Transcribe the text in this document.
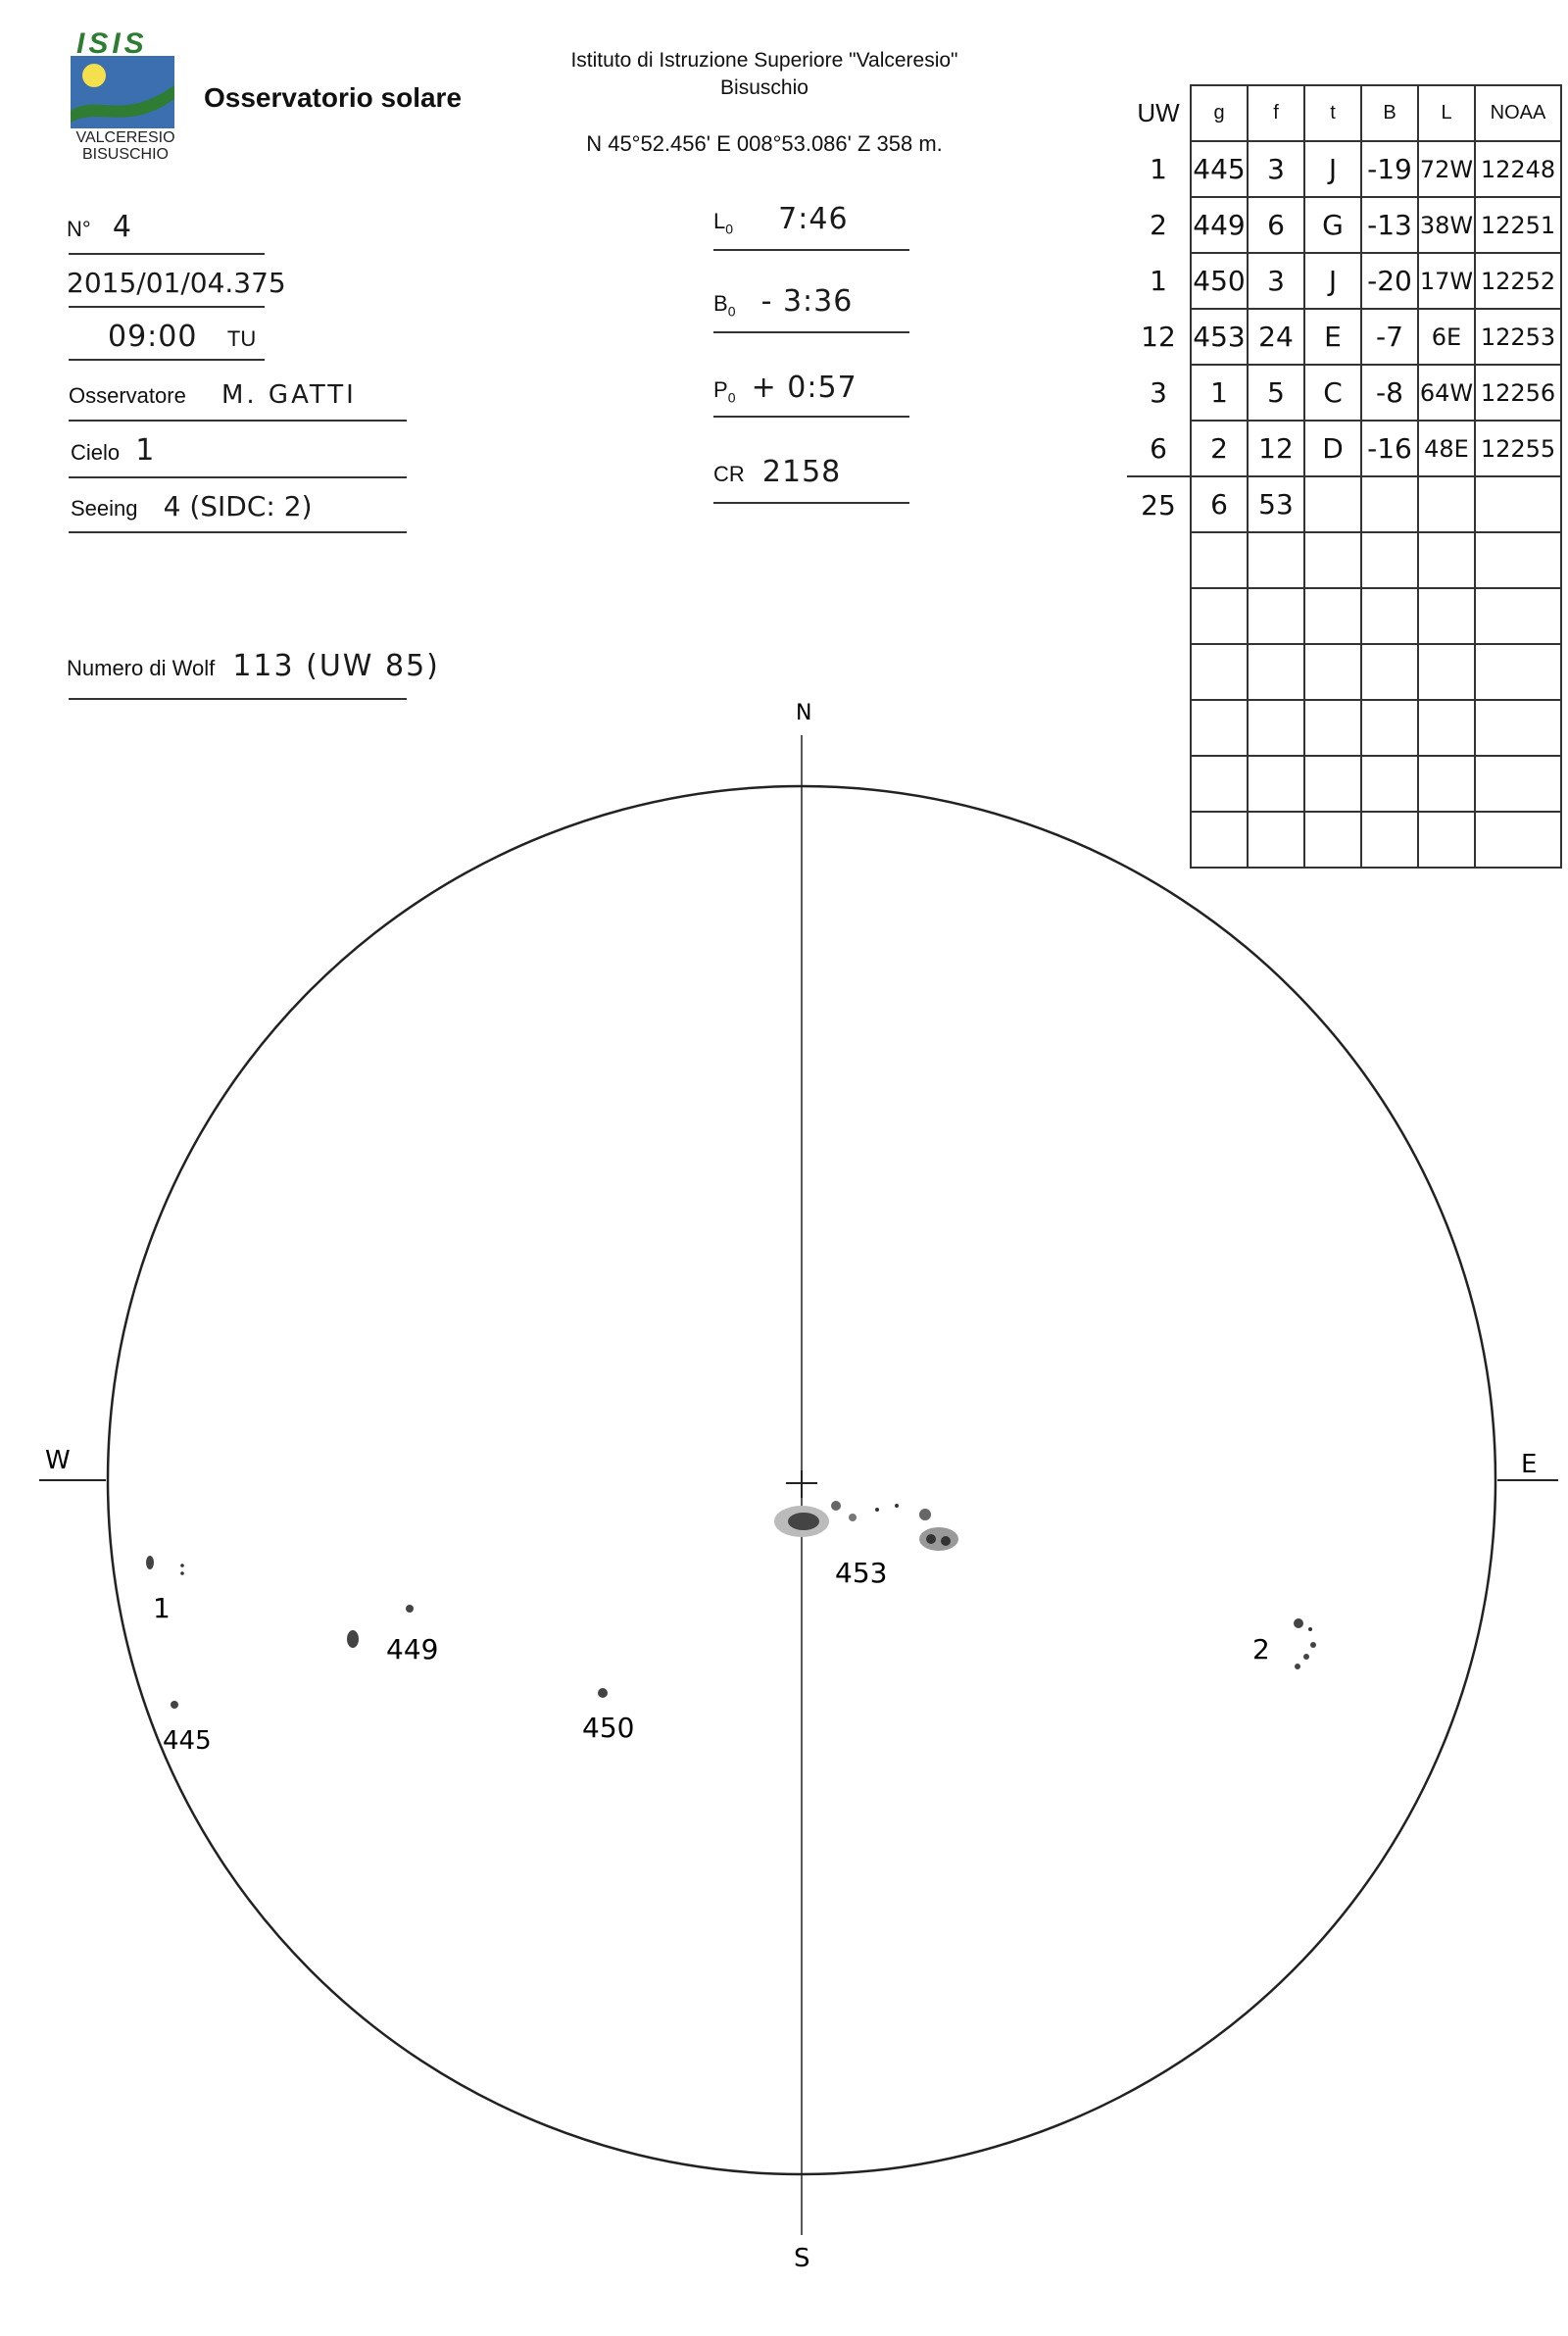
ISIS
VALCERESIO
BISUSCHIO
Osservatorio solare
Istituto di Istruzione Superiore "Valceresio"
Bisuschio
N 45°52.456' E 008°53.086' Z 358 m.
N° 4
2015/01/04.375
09:00 TU
Osservatore M. GATTI
Cielo 1
Seeing 4 (SIDC: 2)
Numero di Wolf 113 (UW 85)
$L_0$ 7:46
$B_0$ - 3:36
$P_0$ + 0:57
CR 2158
UW	g	f	t	B	L	NOAA
1	445	3	J	-19	72W	12248
2	449	6	G	-13	38W	12251
1	450	3	J	-20	17W	12252
12	453	24	E	-7	6E	12253
3	1	5	C	-8	64W	12256
6	2	12	D	-16	48E	12255
25	6	53				

N
S
W	E
453
449
450
445
1
2
